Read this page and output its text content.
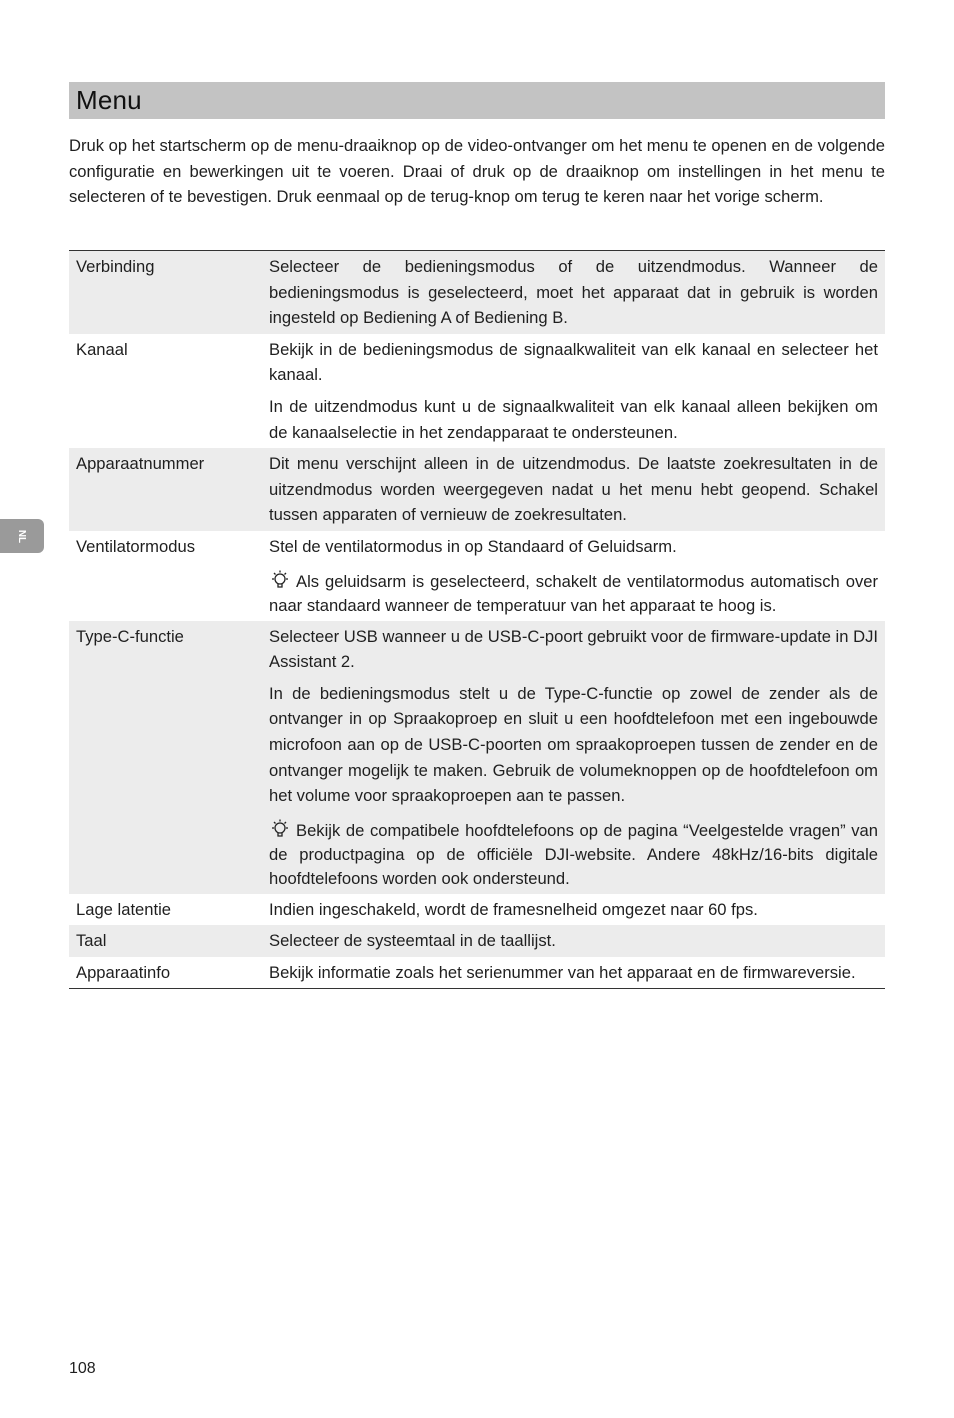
Menu

Druk op het startscherm op de menu-draaiknop op de video-ontvanger om het menu te openen en de volgende configuratie en bewerkingen uit te voeren. Draai of druk op de draaiknop om instellingen in het menu te selecteren of te bevestigen. Druk eenmaal op de terug-knop om terug te keren naar het vorige scherm.

Verbinding	Selecteer de bedieningsmodus of de uitzendmodus. Wanneer de bedieningsmodus is geselecteerd, moet het apparaat dat in gebruik is worden ingesteld op Bediening A of Bediening B.

Kanaal	Bekijk in de bedieningsmodus de signaalkwaliteit van elk kanaal en selecteer het kanaal.

In de uitzendmodus kunt u de signaalkwaliteit van elk kanaal alleen bekijken om de kanaalselectie in het zendapparaat te ondersteunen.

Apparaatnummer	Dit menu verschijnt alleen in de uitzendmodus. De laatste zoekresultaten in de uitzendmodus worden weergegeven nadat u het menu hebt geopend. Schakel tussen apparaten of vernieuw de zoekresultaten.

Ventilatormodus	Stel de ventilatormodus in op Standaard of Geluidsarm.

Als geluidsarm is geselecteerd, schakelt de ventilatormodus automatisch over naar standaard wanneer de temperatuur van het apparaat te hoog is.

Type-C-functie	Selecteer USB wanneer u de USB-C-poort gebruikt voor de firmware-update in DJI Assistant 2.

In de bedieningsmodus stelt u de Type-C-functie op zowel de zender als de ontvanger in op Spraakoproep en sluit u een hoofdtelefoon met een ingebouwde microfoon aan op de USB-C-poorten om spraakoproepen tussen de zender en de ontvanger mogelijk te maken. Gebruik de volumeknoppen op de hoofdtelefoon om het volume voor spraakoproepen aan te passen.

Bekijk de compatibele hoofdtelefoons op de pagina “Veelgestelde vragen” van de productpagina op de officiële DJI-website. Andere 48kHz/16-bits digitale hoofdtelefoons worden ook ondersteund.

Lage latentie	Indien ingeschakeld, wordt de framesnelheid omgezet naar 60 fps.

Taal	Selecteer de systeemtaal in de taallijst.

Apparaatinfo	Bekijk informatie zoals het serienummer van het apparaat en de firmwareversie.

NL
108
